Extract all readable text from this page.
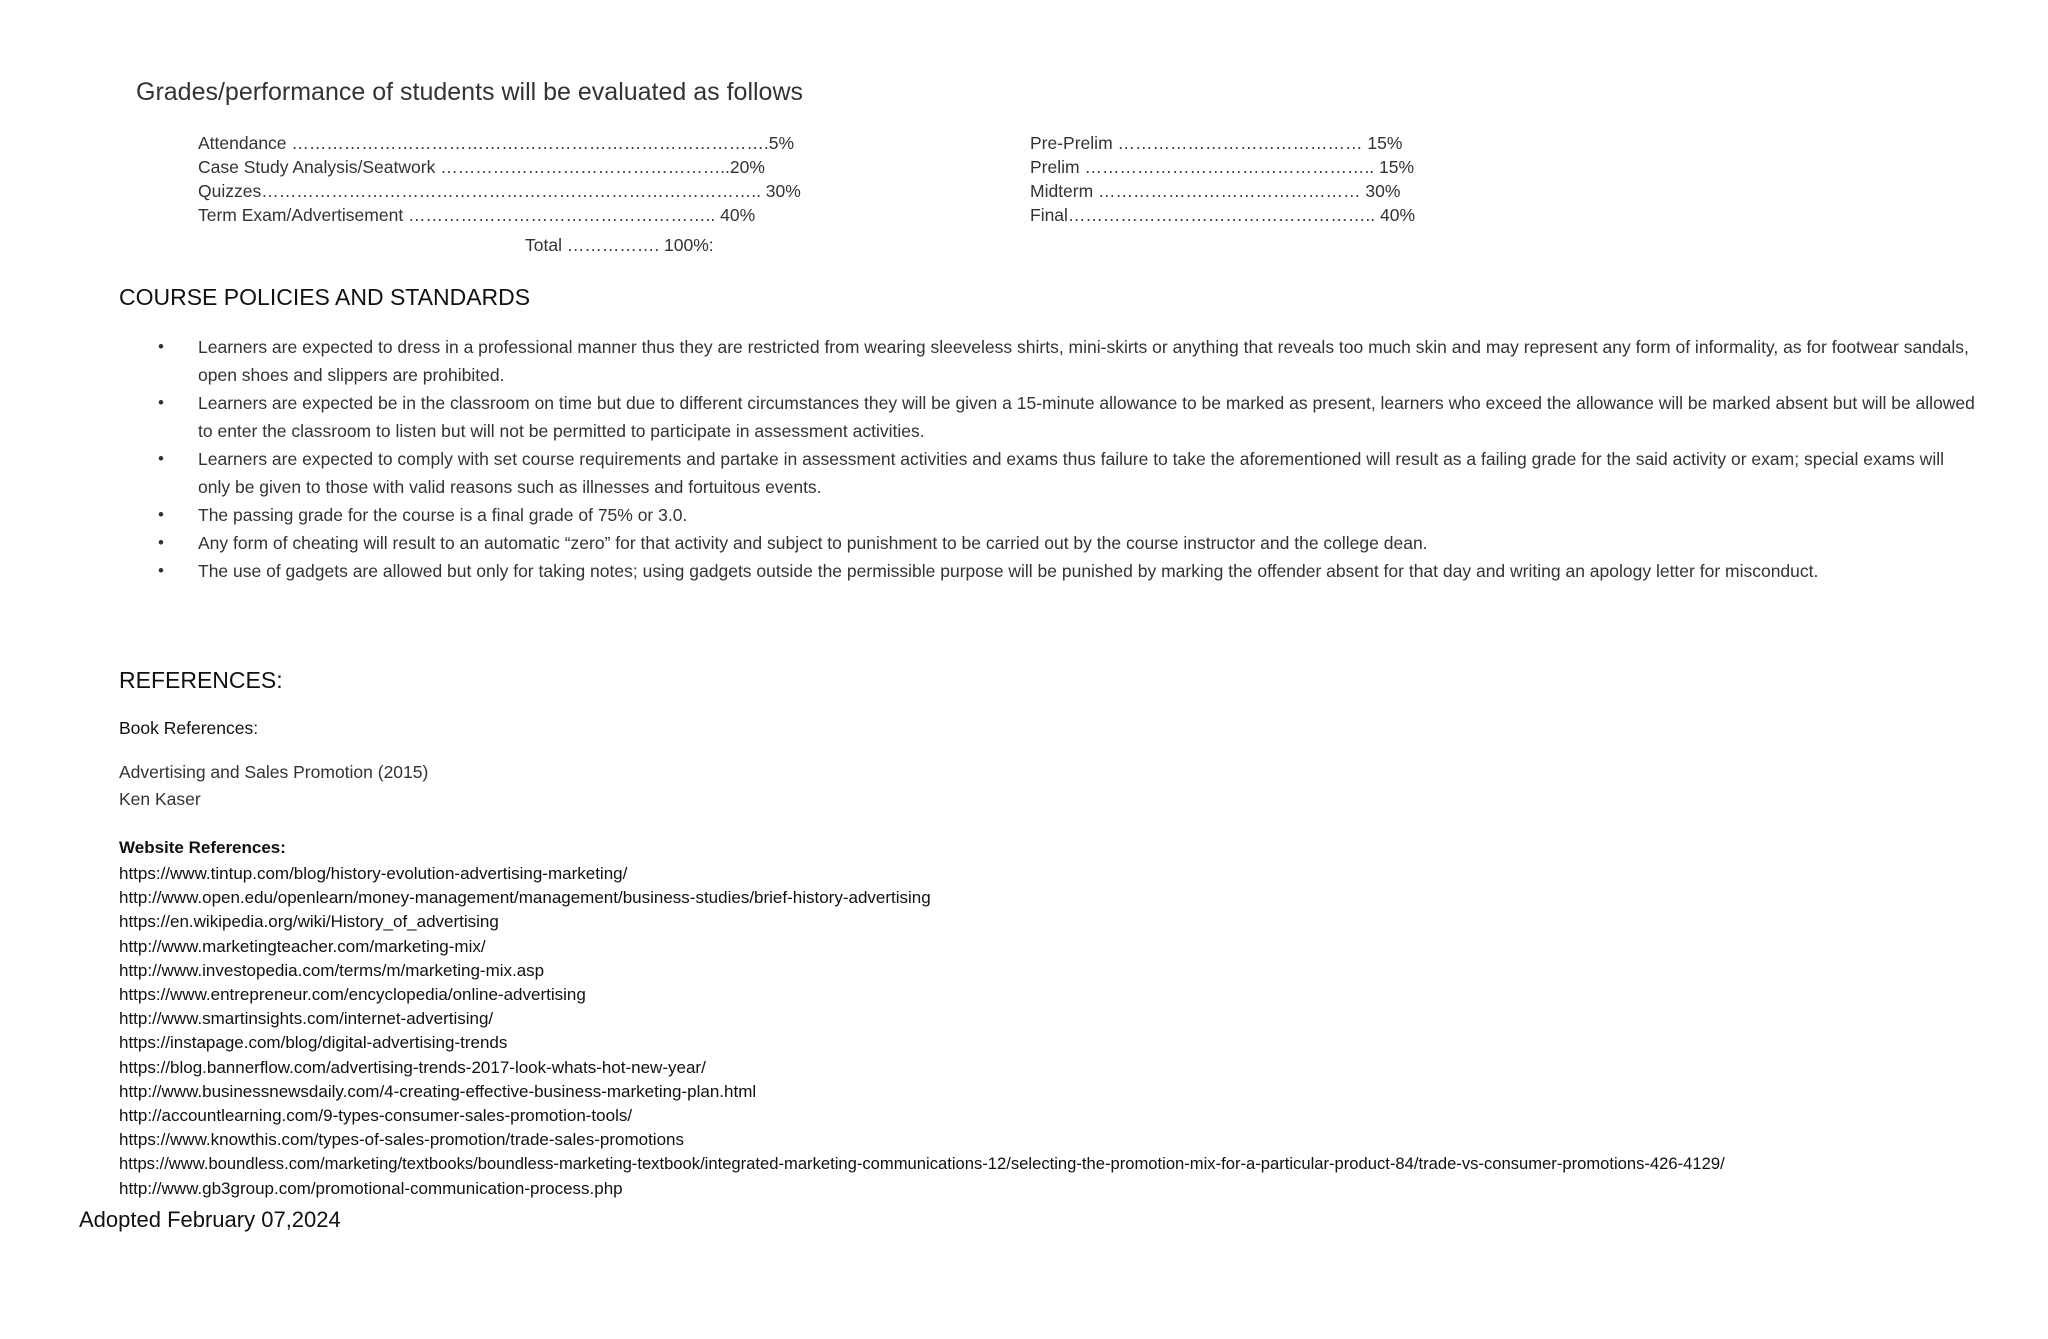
Grades/performance of students will be evaluated as follows
Attendance ……………………………………………………………………….5%
Case Study Analysis/Seatwork …………………………………………..20%
Quizzes………………………………………………………………………….. 30%
Term Exam/Advertisement …………………………………………….. 40%
Total ……………. 100%:
Pre-Prelim …………………………………… 15%
Prelim ………………………………………….. 15%
Midterm ……………………………………… 30%
Final…………………………………………….. 40%
COURSE POLICIES AND STANDARDS
• Learners are expected to dress in a professional manner thus they are restricted from wearing sleeveless shirts, mini-skirts or anything that reveals too much skin and may represent any form of informality, as for footwear sandals, open shoes and slippers are prohibited.
• Learners are expected be in the classroom on time but due to different circumstances they will be given a 15-minute allowance to be marked as present, learners who exceed the allowance will be marked absent but will be allowed to enter the classroom to listen but will not be permitted to participate in assessment activities.
• Learners are expected to comply with set course requirements and partake in assessment activities and exams thus failure to take the aforementioned will result as a failing grade for the said activity or exam; special exams will only be given to those with valid reasons such as illnesses and fortuitous events.
• The passing grade for the course is a final grade of 75% or 3.0.
• Any form of cheating will result to an automatic “zero” for that activity and subject to punishment to be carried out by the course instructor and the college dean.
• The use of gadgets are allowed but only for taking notes; using gadgets outside the permissible purpose will be punished by marking the offender absent for that day and writing an apology letter for misconduct.
REFERENCES:
Book References:
Advertising and Sales Promotion (2015)
Ken Kaser
Website References:
https://www.tintup.com/blog/history-evolution-advertising-marketing/
http://www.open.edu/openlearn/money-management/management/business-studies/brief-history-advertising
https://en.wikipedia.org/wiki/History_of_advertising
http://www.marketingteacher.com/marketing-mix/
http://www.investopedia.com/terms/m/marketing-mix.asp
https://www.entrepreneur.com/encyclopedia/online-advertising
http://www.smartinsights.com/internet-advertising/
https://instapage.com/blog/digital-advertising-trends
https://blog.bannerflow.com/advertising-trends-2017-look-whats-hot-new-year/
http://www.businessnewsdaily.com/4-creating-effective-business-marketing-plan.html
http://accountlearning.com/9-types-consumer-sales-promotion-tools/
https://www.knowthis.com/types-of-sales-promotion/trade-sales-promotions
https://www.boundless.com/marketing/textbooks/boundless-marketing-textbook/integrated-marketing-communications-12/selecting-the-promotion-mix-for-a-particular-product-84/trade-vs-consumer-promotions-426-4129/
http://www.gb3group.com/promotional-communication-process.php
Adopted February 07,2024
